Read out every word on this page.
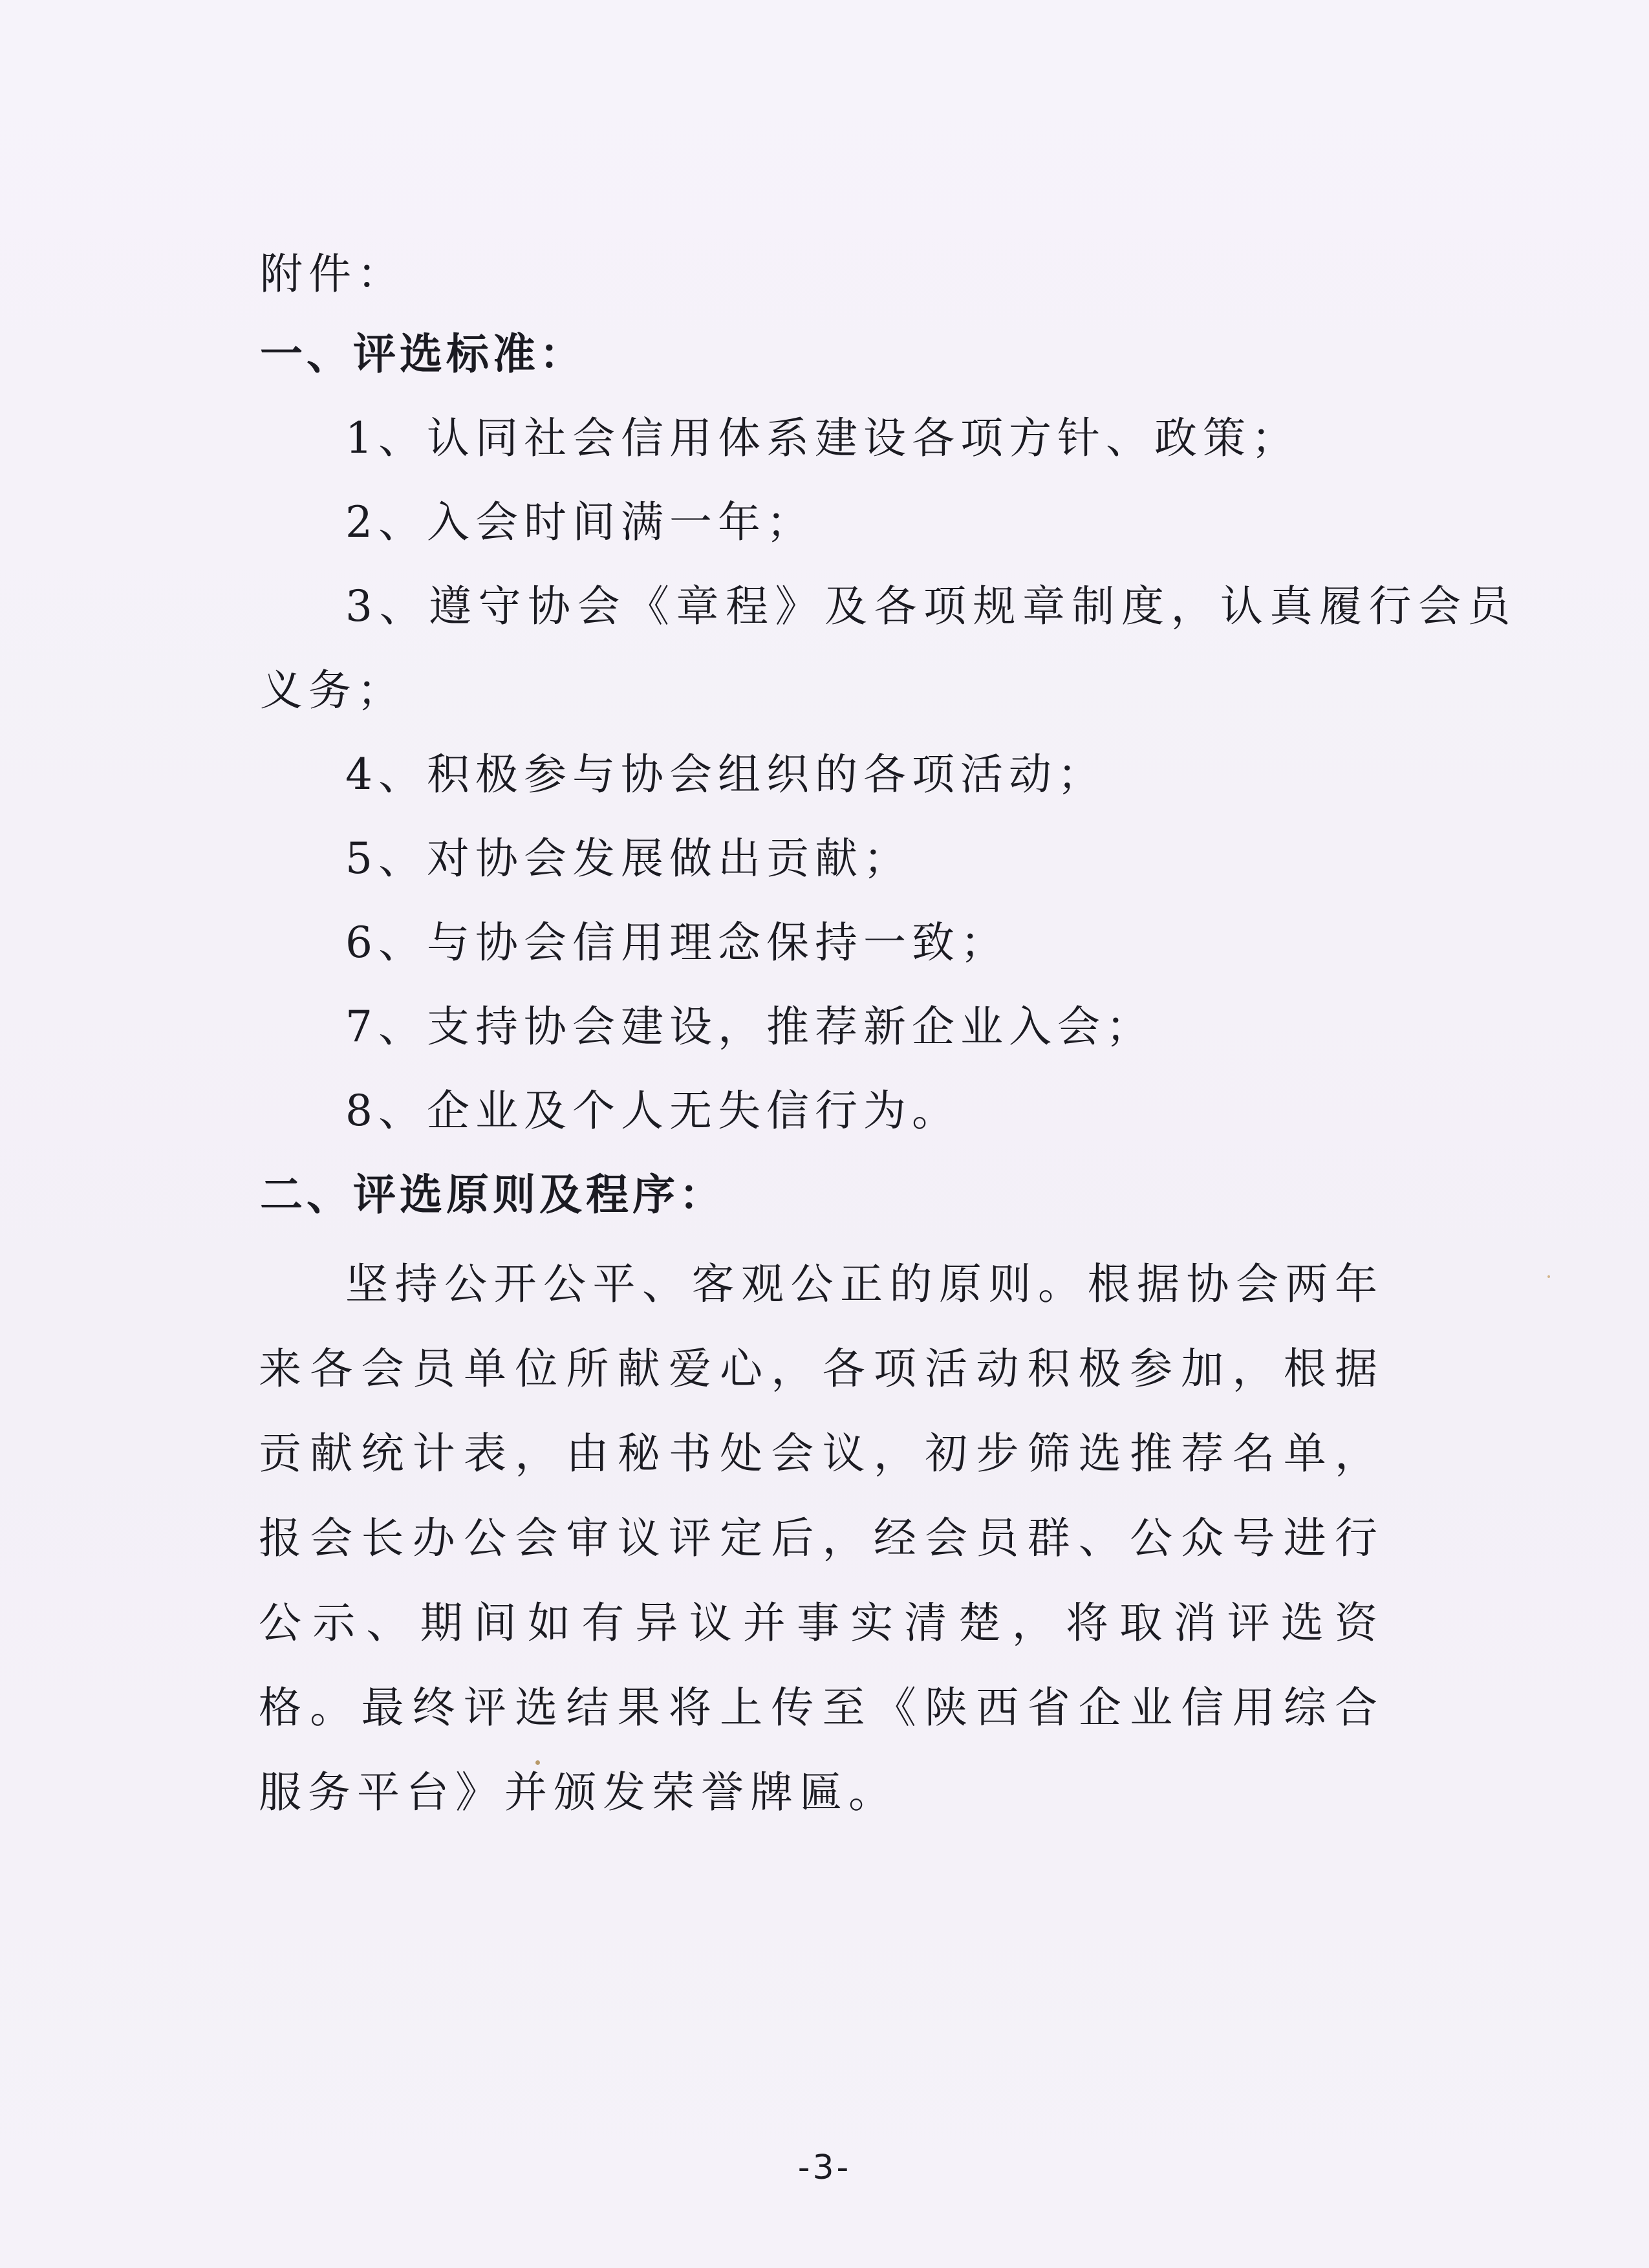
附件：
一、评选标准：
1、认同社会信用体系建设各项方针、政策；
2、入会时间满一年；
3、遵守协会《章程》及各项规章制度，认真履行会员
义务；
4、积极参与协会组织的各项活动；
5、对协会发展做出贡献；
6、与协会信用理念保持一致；
7、支持协会建设，推荐新企业入会；
8、企业及个人无失信行为。
二、评选原则及程序：
坚持公开公平、客观公正的原则。根据协会两年来各会员单位所献爱心，各项活动积极参加，根据贡献统计表，由秘书处会议，初步筛选推荐名单，报会长办公会审议评定后，经会员群、公众号进行公示、期间如有异议并事实清楚，将取消评选资格。最终评选结果将上传至《陕西省企业信用综合服务平台》并颁发荣誉牌匾。
-3-
